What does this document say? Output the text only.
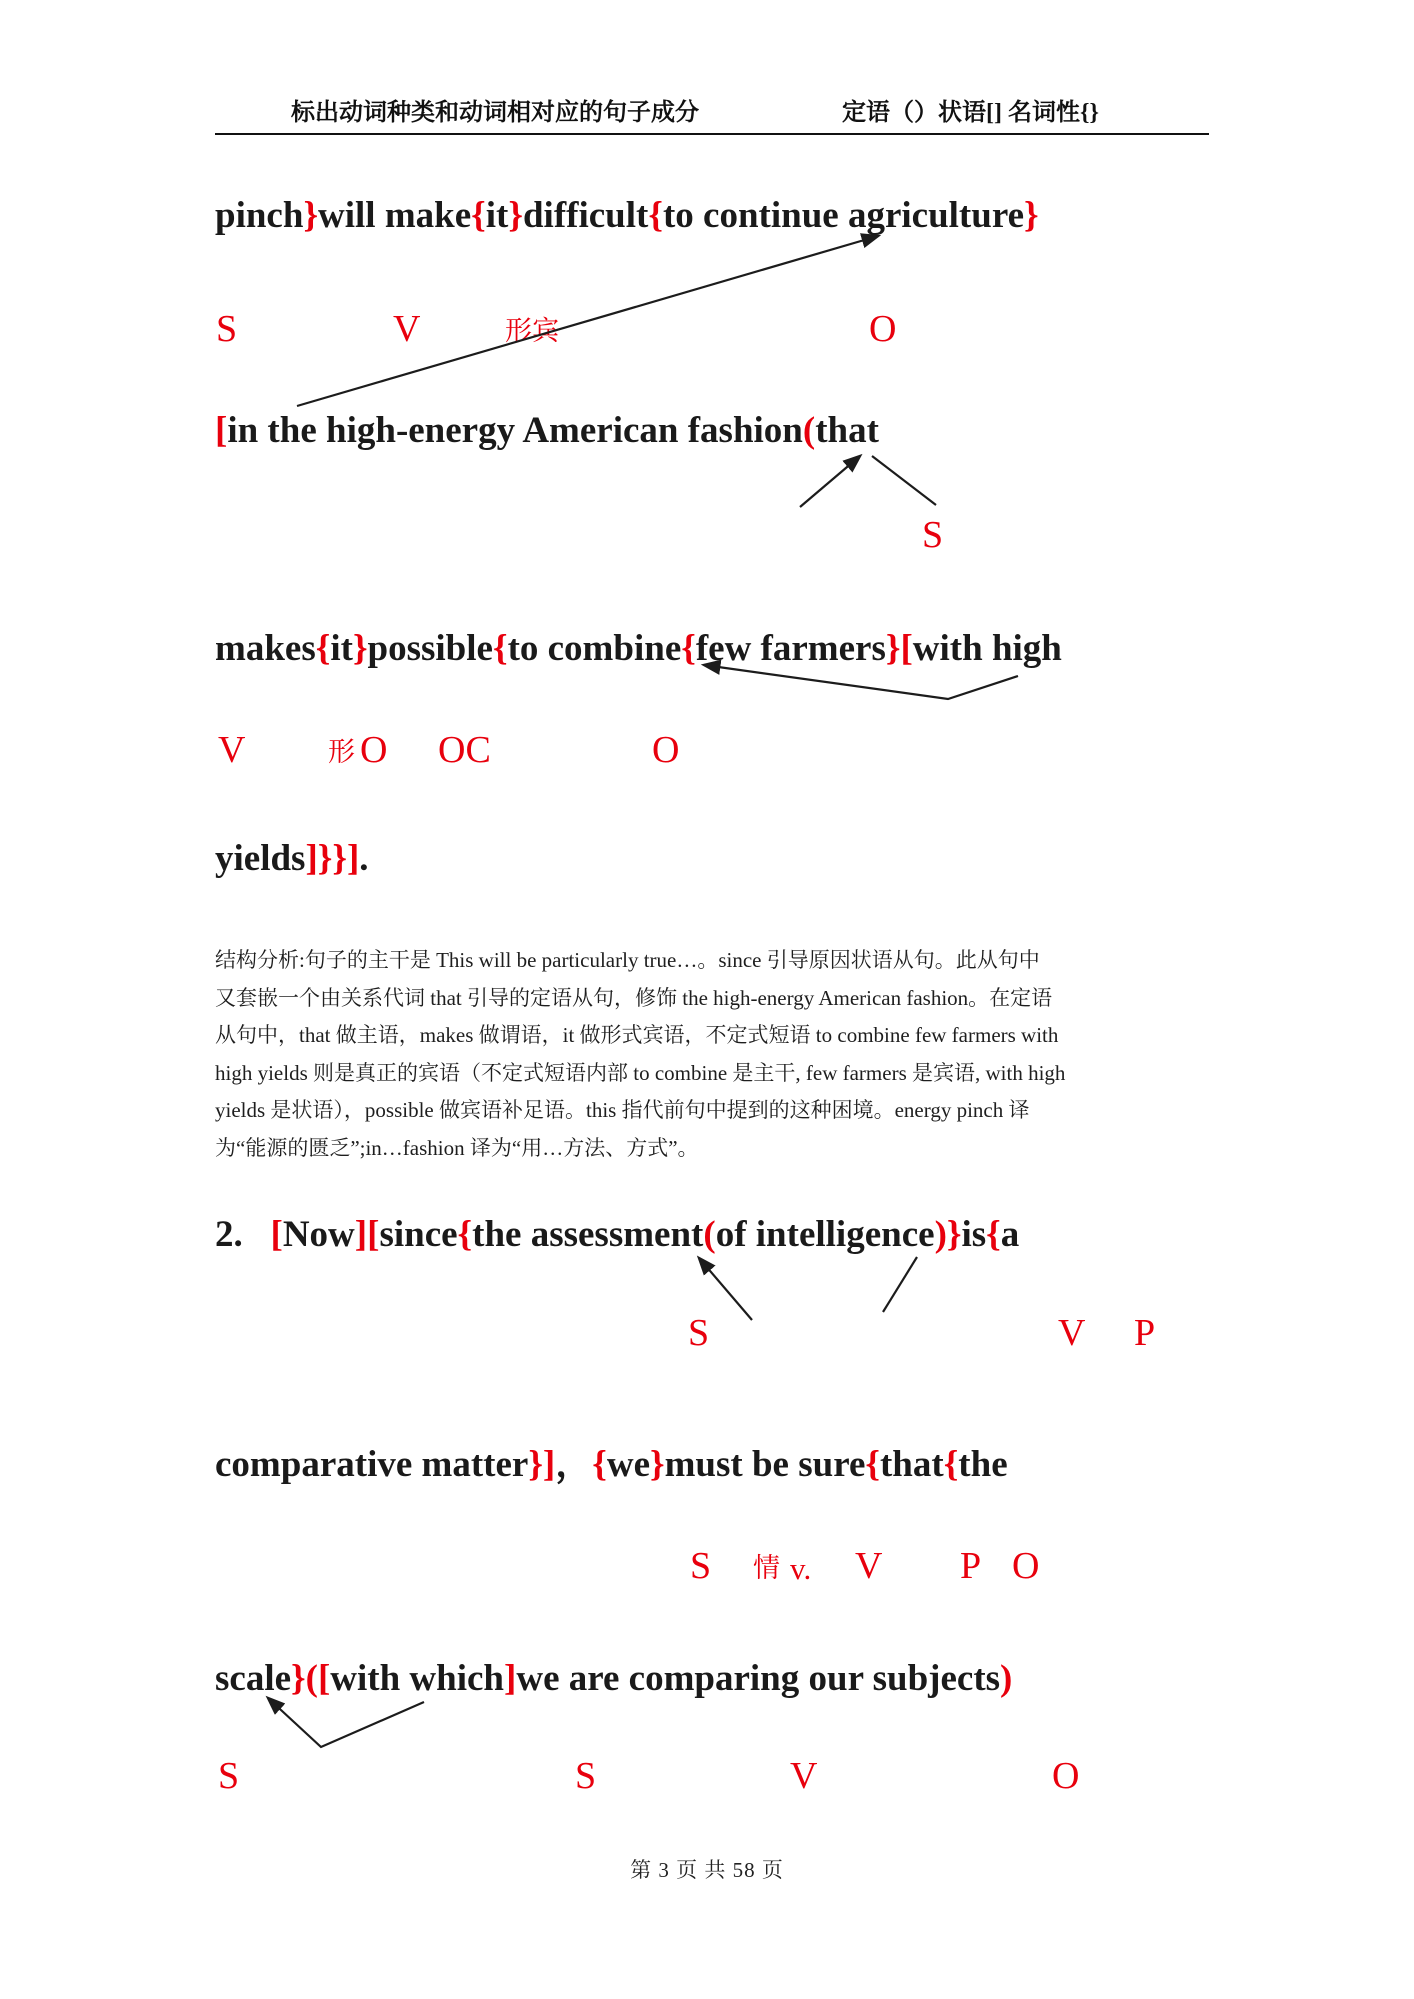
标出动词种类和动词相对应的句子成分	定语（）状语[] 名词性{}
pinch}will make{it}difficult{to continue agriculture}
S	V	形宾	O
[in the high-energy American fashion(that
S
makes{it}possible{to combine{few farmers}[with high
V	形 O OC	O
yields]}}].
结构分析:句子的主干是 This will be particularly true…。since 引导原因状语从句。此从句中
又套嵌一个由关系代词 that 引导的定语从句，修饰 the high-energy American fashion。在定语
从句中，that 做主语，makes 做谓语，it 做形式宾语，不定式短语 to combine few farmers with
high yields 则是真正的宾语（不定式短语内部 to combine 是主干, few farmers 是宾语, with high
yields 是状语），possible 做宾语补足语。this 指代前句中提到的这种困境。energy pinch 译
为“能源的匮乏”;in…fashion 译为“用…方法、方式”。
2.   [Now][since{the assessment(of intelligence)}is{a
S	V P
comparative matter}]，{we}must be sure{that{the
S 情 v. V P O
scale}([with which]we are comparing our subjects)
S	S	V	O
第 3 页 共 58 页
